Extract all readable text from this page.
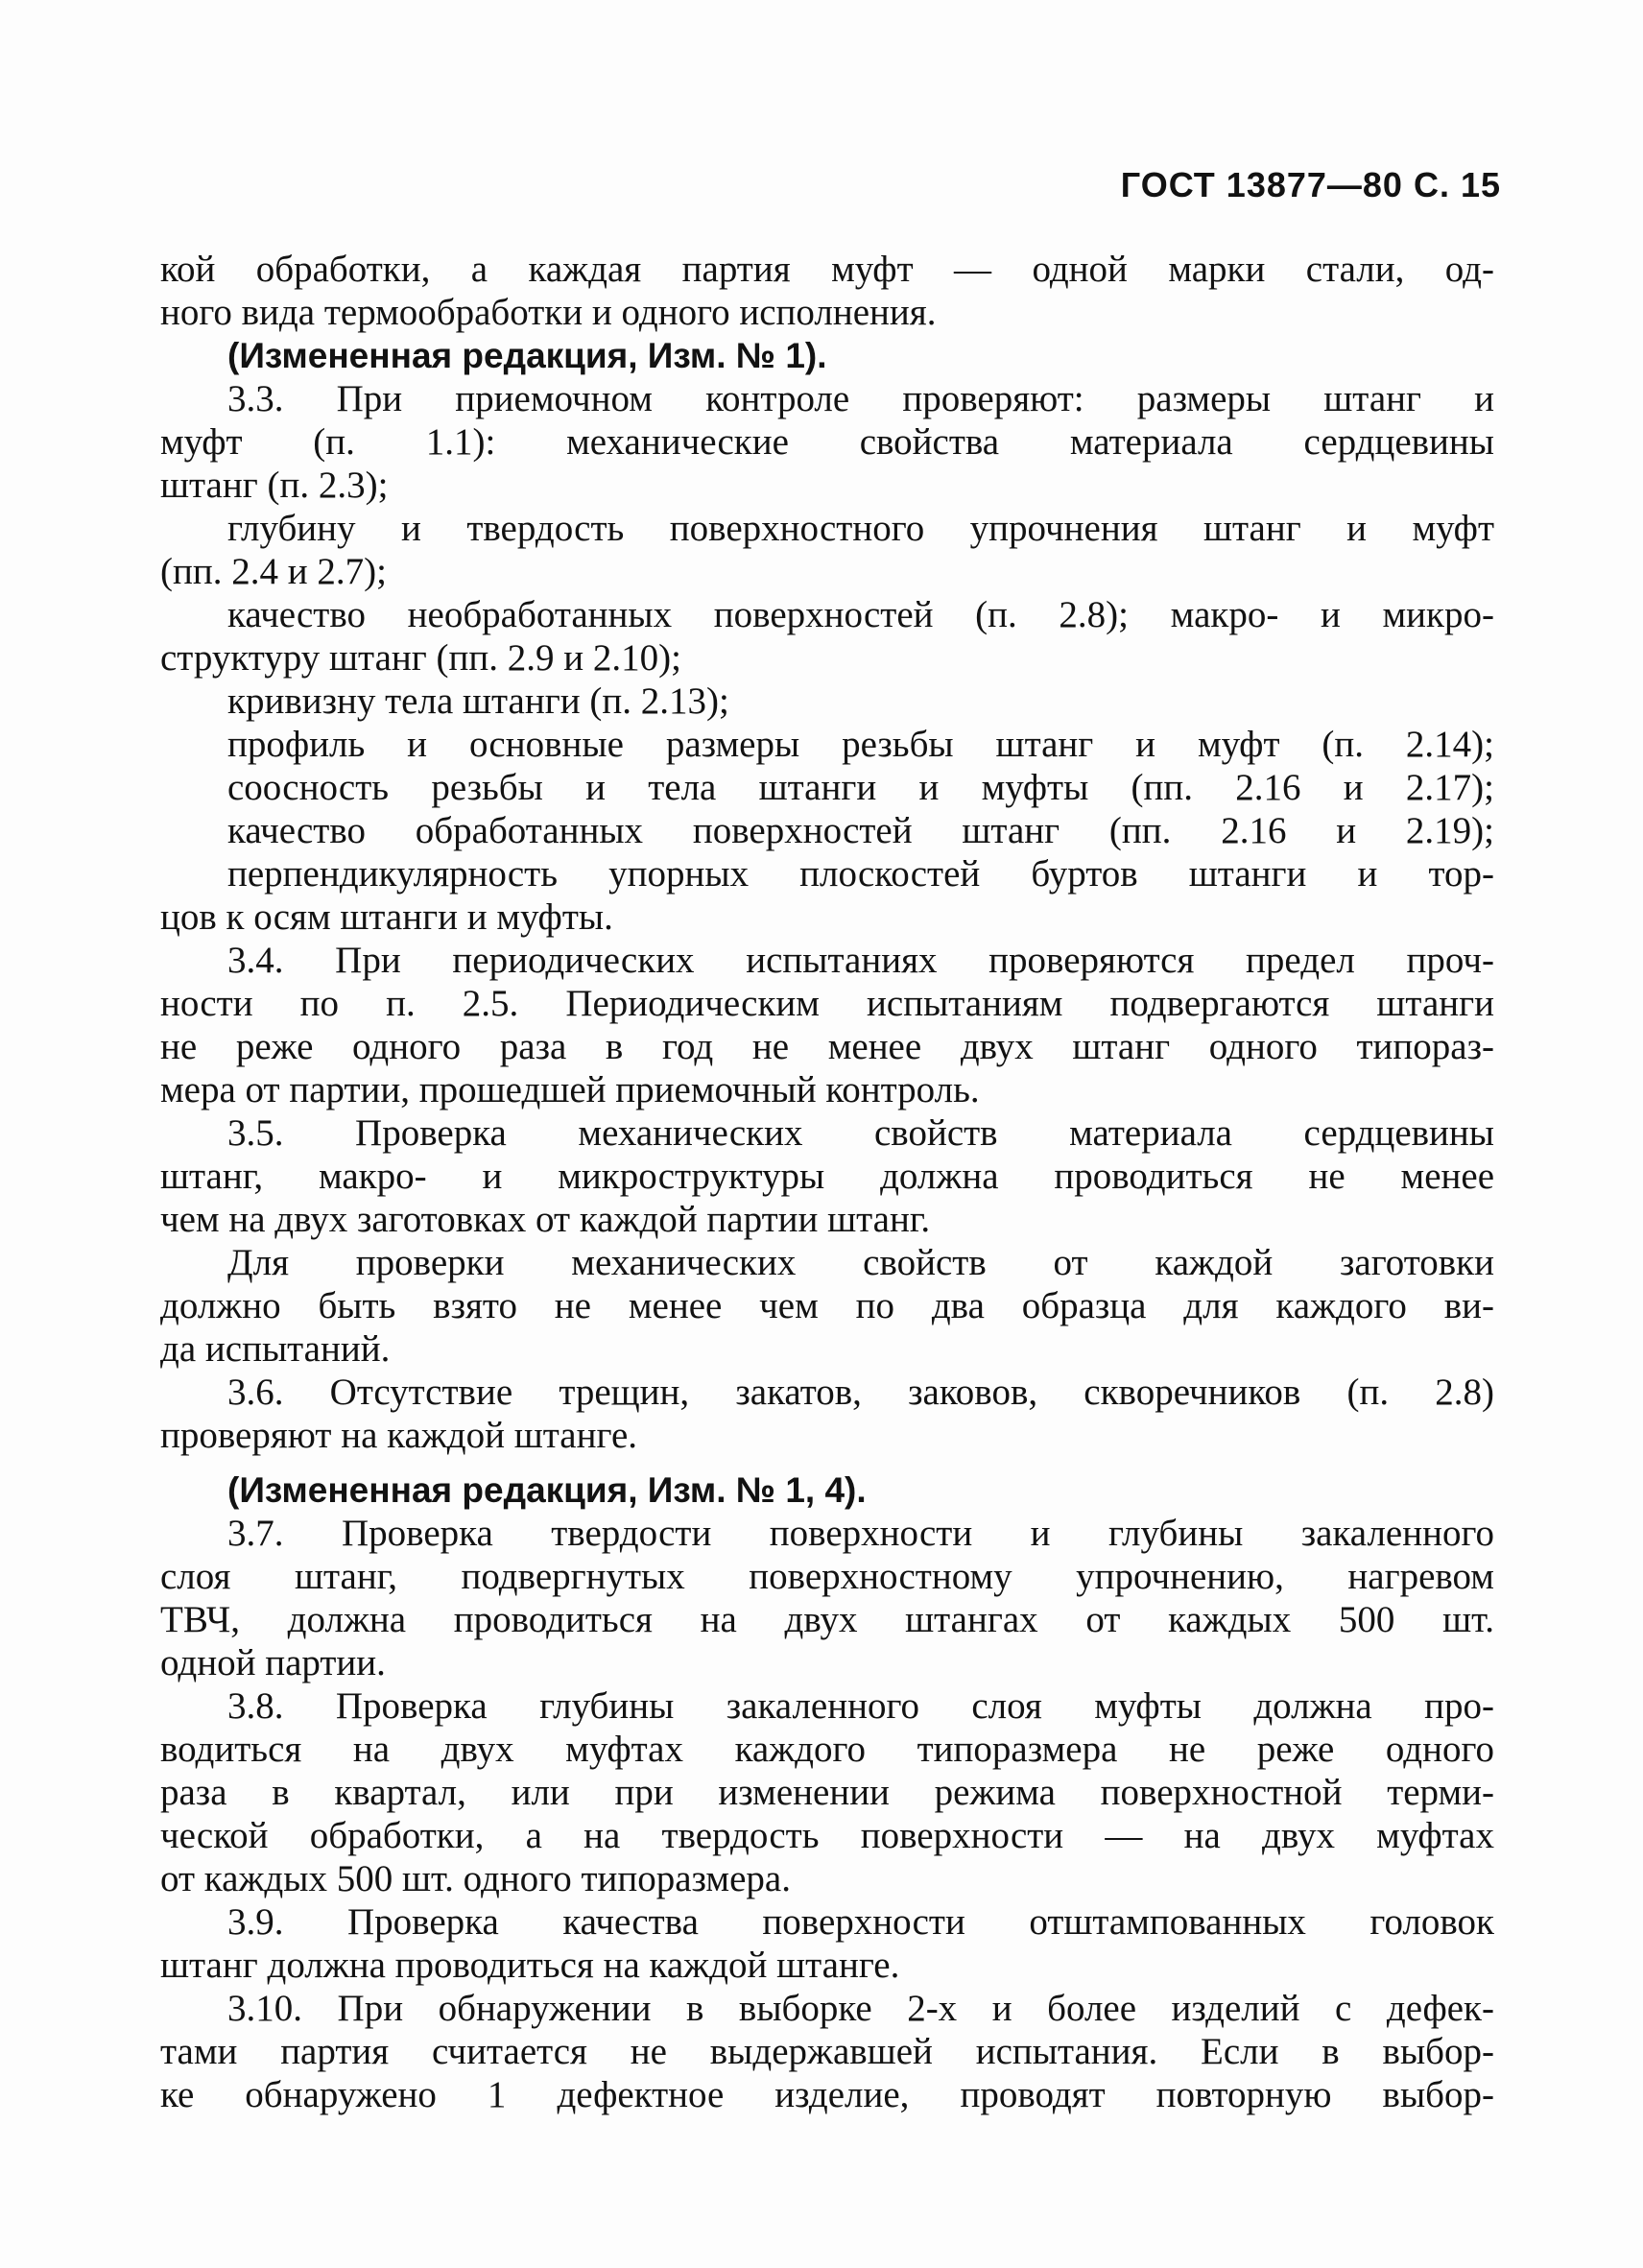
ГОСТ 13877—80 С. 15
кой обработки, а каждая партия муфт — одной марки стали, од-
ного вида термообработки и одного исполнения.
(Измененная редакция, Изм. № 1).
3.3. При приемочном контроле проверяют: размеры штанг и
муфт (п. 1.1): механические свойства материала сердцевины
штанг (п. 2.3);
глубину и твердость поверхностного упрочнения штанг и муфт
(пп. 2.4 и 2.7);
качество необработанных поверхностей (п. 2.8); макро- и микро-
структуру штанг (пп. 2.9 и 2.10);
кривизну тела штанги (п. 2.13);
профиль и основные размеры резьбы штанг и муфт (п. 2.14);
соосность резьбы и тела штанги и муфты (пп. 2.16 и 2.17);
качество обработанных поверхностей штанг (пп. 2.16 и 2.19);
перпендикулярность упорных плоскостей буртов штанги и тор-
цов к осям штанги и муфты.
3.4. При периодических испытаниях проверяются предел проч-
ности по п. 2.5. Периодическим испытаниям подвергаются штанги
не реже одного раза в год не менее двух штанг одного типораз-
мера от партии, прошедшей приемочный контроль.
3.5. Проверка механических свойств материала сердцевины
штанг, макро- и микроструктуры должна проводиться не менее
чем на двух заготовках от каждой партии штанг.
Для проверки механических свойств от каждой заготовки
должно быть взято не менее чем по два образца для каждого ви-
да испытаний.
3.6. Отсутствие трещин, закатов, заковов, скворечников (п. 2.8)
проверяют на каждой штанге.
(Измененная редакция, Изм. № 1, 4).
3.7. Проверка твердости поверхности и глубины закаленного
слоя штанг, подвергнутых поверхностному упрочнению, нагревом
ТВЧ, должна проводиться на двух штангах от каждых 500 шт.
одной партии.
3.8. Проверка глубины закаленного слоя муфты должна про-
водиться на двух муфтах каждого типоразмера не реже одного
раза в квартал, или при изменении режима поверхностной терми-
ческой обработки, а на твердость поверхности — на двух муфтах
от каждых 500 шт. одного типоразмера.
3.9. Проверка качества поверхности отштампованных головок
штанг должна проводиться на каждой штанге.
3.10. При обнаружении в выборке 2-х и более изделий с дефек-
тами партия считается не выдержавшей испытания. Если в выбор-
ке обнаружено 1 дефектное изделие, проводят повторную выбор-
